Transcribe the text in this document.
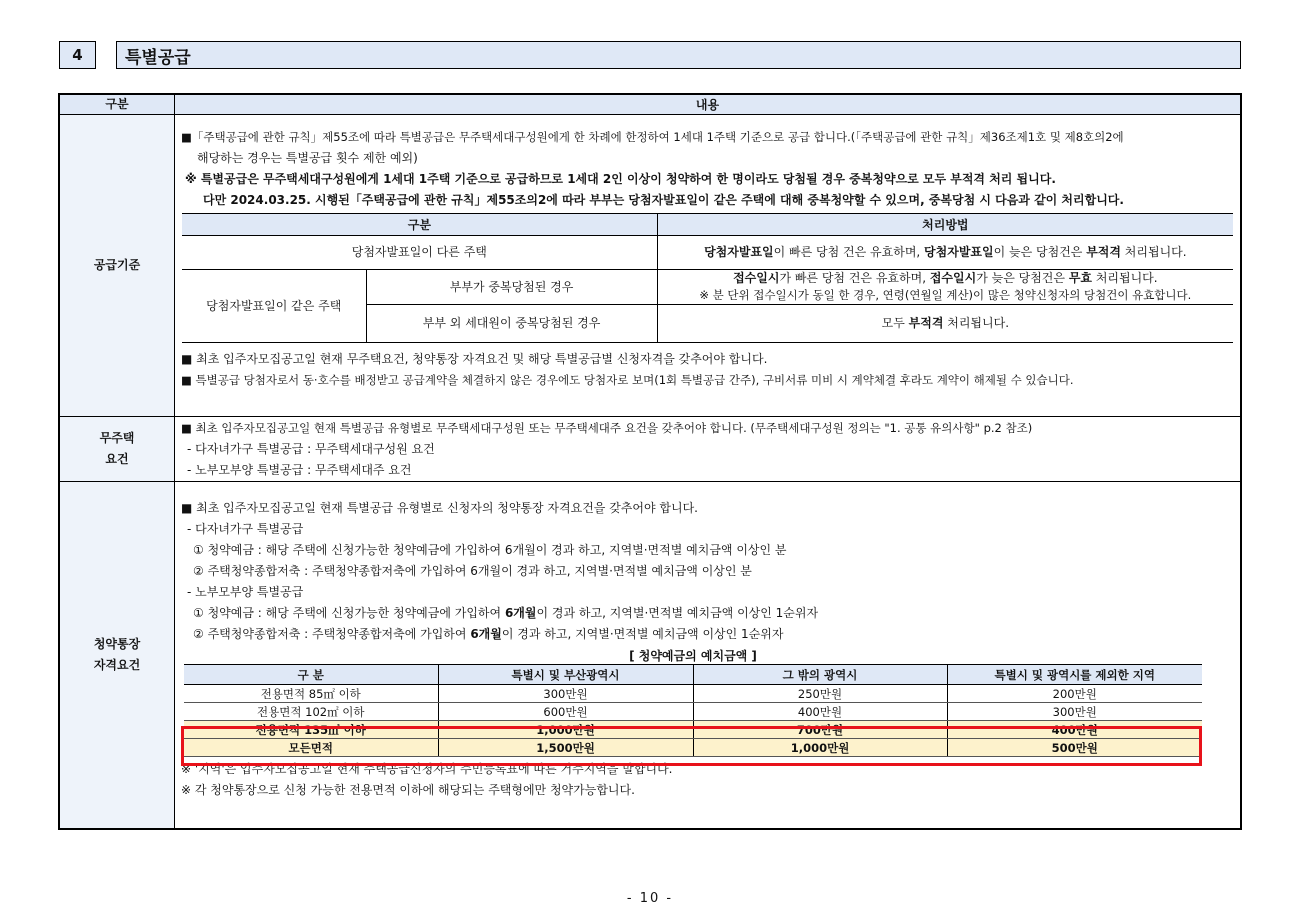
4	특별공급
구분	내용
공급기준
■「주택공급에 관한 규칙」제55조에 따라 특별공급은 무주택세대구성원에게 한 차례에 한정하여 1세대 1주택 기준으로 공급 합니다.(「주택공급에 관한 규칙」제36조제1호 및 제8호의2에
해당하는 경우는 특별공급 횟수 제한 예외)
※ 특별공급은 무주택세대구성원에게 1세대 1주택 기준으로 공급하므로 1세대 2인 이상이 청약하여 한 명이라도 당첨될 경우 중복청약으로 모두 부적격 처리 됩니다.
다만 2024.03.25. 시행된「주택공급에 관한 규칙」제55조의2에 따라 부부는 당첨자발표일이 같은 주택에 대해 중복청약할 수 있으며, 중복당첨 시 다음과 같이 처리합니다.
구분		처리방법
당첨자발표일이 다른 주택		당첨자발표일이 빠른 당첨 건은 유효하며, 당첨자발표일이 늦은 당첨건은 부적격 처리됩니다.
당첨자발표일이 같은 주택	부부가 중복당첨된 경우	접수일시가 빠른 당첨 건은 유효하며, 접수일시가 늦은 당첨건은 무효 처리됩니다.
※ 분 단위 접수일시가 동일 한 경우, 연령(연월일 계산)이 많은 청약신청자의 당첨건이 유효합니다.

	부부 외 세대원이 중복당첨된 경우	모두 부적격 처리됩니다.
■ 최초 입주자모집공고일 현재 무주택요건, 청약통장 자격요건 및 해당 특별공급별 신청자격을 갖추어야 합니다.
■ 특별공급 당첨자로서 동·호수를 배정받고 공급계약을 체결하지 않은 경우에도 당첨자로 보며(1회 특별공급 간주), 구비서류 미비 시 계약체결 후라도 계약이 해제될 수 있습니다.
무주택
요건
■ 최초 입주자모집공고일 현재 특별공급 유형별로 무주택세대구성원 또는 무주택세대주 요건을 갖추어야 합니다. (무주택세대구성원 정의는 "1. 공통 유의사항" p.2 참조)
- 다자녀가구 특별공급 : 무주택세대구성원 요건
- 노부모부양 특별공급 : 무주택세대주 요건
청약통장
자격요건
■ 최초 입주자모집공고일 현재 특별공급 유형별로 신청자의 청약통장 자격요건을 갖추어야 합니다.
- 다자녀가구 특별공급
① 청약예금 : 해당 주택에 신청가능한 청약예금에 가입하여 6개월이 경과 하고, 지역별·면적별 예치금액 이상인 분
② 주택청약종합저축 : 주택청약종합저축에 가입하여 6개월이 경과 하고, 지역별·면적별 예치금액 이상인 분
- 노부모부양 특별공급
① 청약예금 : 해당 주택에 신청가능한 청약예금에 가입하여 6개월이 경과 하고, 지역별·면적별 예치금액 이상인 1순위자
② 주택청약종합저축 : 주택청약종합저축에 가입하여 6개월이 경과 하고, 지역별·면적별 예치금액 이상인 1순위자
[ 청약예금의 예치금액 ]
구 분	특별시 및 부산광역시	그 밖의 광역시	특별시 및 광역시를 제외한 지역
전용면적 85㎡ 이하	300만원	250만원	200만원
전용면적 102㎡ 이하	600만원	400만원	300만원
전용면적 135㎡ 이하	1,000만원	700만원	400만원
모든면적	1,500만원	1,000만원	500만원
※ '지역'은 입주자모집공고일 현재 주택공급신청자의 주민등록표에 따른 거주지역을 말합니다.
※ 각 청약통장으로 신청 가능한 전용면적 이하에 해당되는 주택형에만 청약가능합니다.
- 10 -
